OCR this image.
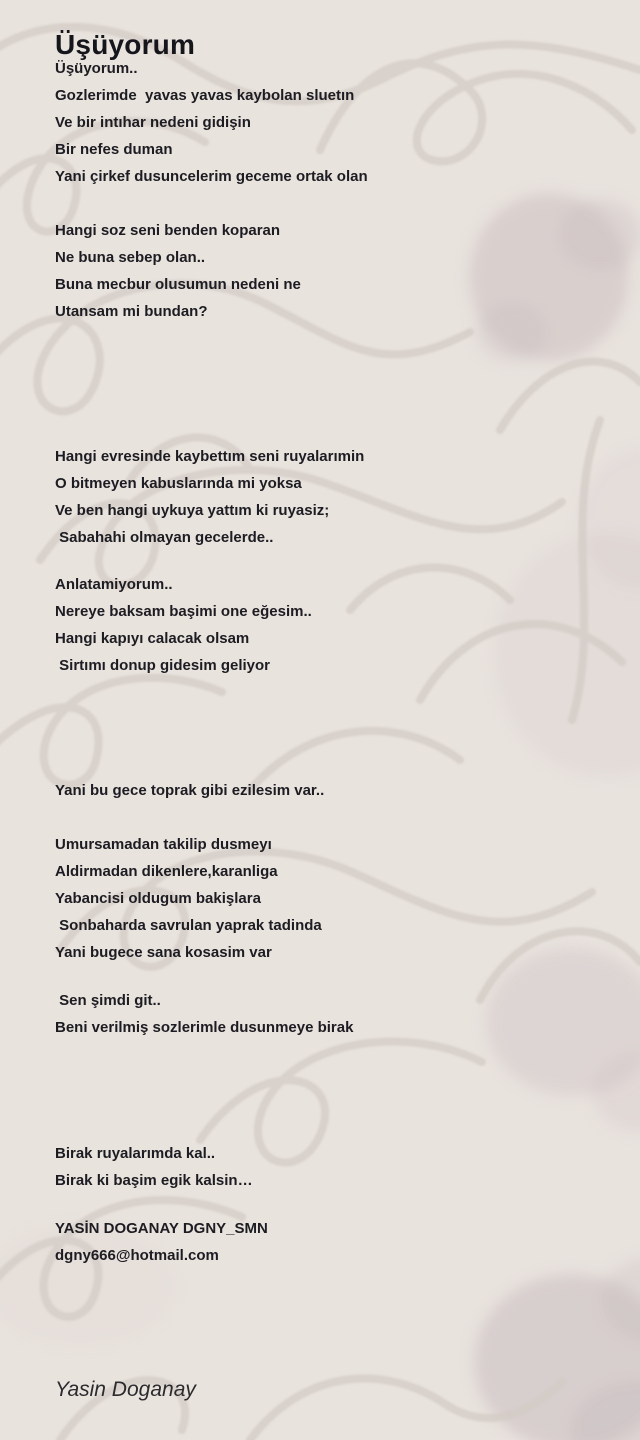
Üşüyorum
Üşüyorum..
Gozlerimde  yavas yavas kaybolan sluetın
Ve bir intıhar nedeni gidişin
Bir nefes duman
Yani çirkef dusuncelerim geceme ortak olan
Hangi soz seni benden koparan
Ne buna sebep olan..
Buna mecbur olusumun nedeni ne
Utansam mi bundan?
Hangi evresinde kaybettım seni ruyalarımin
O bitmeyen kabuslarında mi yoksa
Ve ben hangi uykuya yattım ki ruyasiz;
Sabahahi olmayan gecelerde..
Anlatamiyorum..
Nereye baksam başimi one eğesim..
Hangi kapıyı calacak olsam
Sirtımı donup gidesim geliyor
Yani bu gece toprak gibi ezilesim var..
Umursamadan takilip dusmeyı
Aldirmadan dikenlere,karanliga
Yabancisi oldugum bakişlara
Sonbaharda savrulan yaprak tadinda
Yani bugece sana kosasim var
Sen şimdi git..
Beni verilmiş sozlerimle dusunmeye birak
Birak ruyalarımda kal..
Birak ki başim egik kalsin…
YASİN DOGANAY DGNY_SMN
dgny666@hotmail.com
Yasin Doganay
